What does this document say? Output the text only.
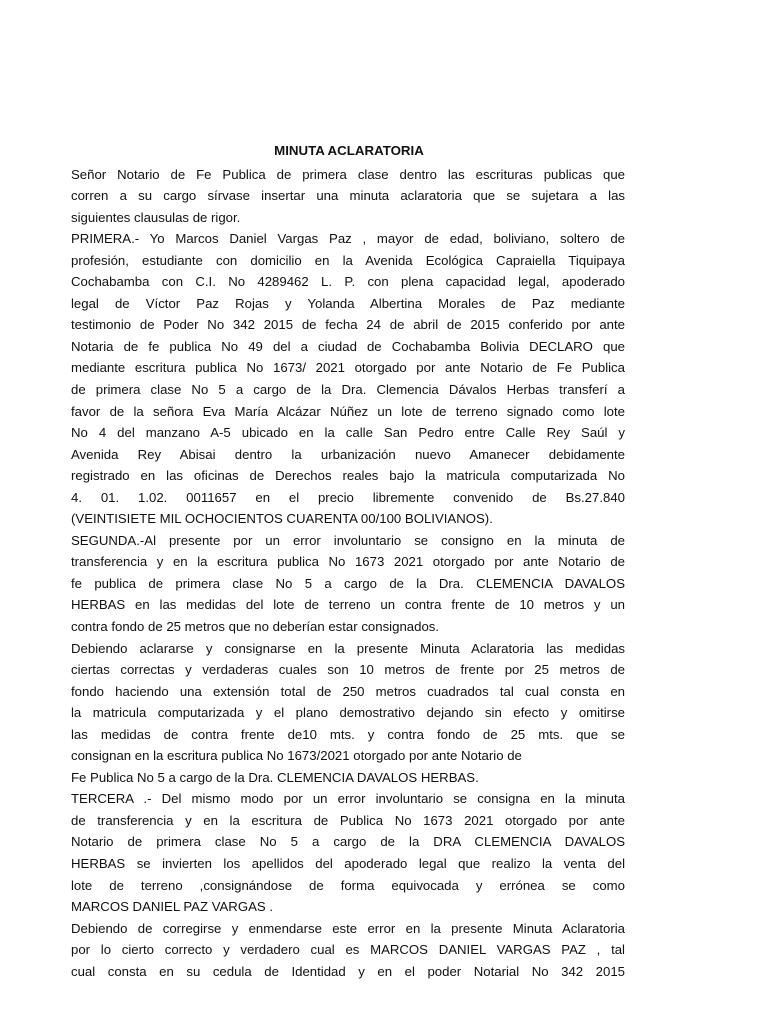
MINUTA ACLARATORIA
Señor Notario de Fe Publica de primera clase dentro las escrituras publicas que
corren a su cargo sírvase insertar una minuta aclaratoria que se sujetara a las
siguientes clausulas de rigor.
PRIMERA.- Yo Marcos Daniel Vargas Paz , mayor de edad, boliviano, soltero de
profesión, estudiante con domicilio en la Avenida Ecológica Capraiella Tiquipaya
Cochabamba con C.I. No 4289462 L. P. con plena capacidad legal, apoderado
legal de Víctor Paz Rojas y Yolanda Albertina Morales de Paz mediante
testimonio de Poder No 342 2015 de fecha 24 de abril de 2015 conferido por ante
Notaria de fe publica No 49 del a ciudad de Cochabamba Bolivia DECLARO que
mediante escritura publica No 1673/ 2021 otorgado por ante Notario de Fe Publica
de primera clase No 5 a cargo de la Dra. Clemencia Dávalos Herbas transferí a
favor de la señora Eva María Alcázar Núñez un lote de terreno signado como lote
No 4 del manzano A-5 ubicado en la calle San Pedro entre Calle Rey Saúl y
Avenida Rey Abisai dentro la urbanización nuevo Amanecer debidamente
registrado en las oficinas de Derechos reales bajo la matricula computarizada No
4. 01. 1.02. 0011657 en el precio libremente convenido de Bs.27.840
(VEINTISIETE MIL OCHOCIENTOS CUARENTA 00/100 BOLIVIANOS).
SEGUNDA.-Al presente por un error involuntario se consigno en la minuta de
transferencia y en la escritura publica No 1673 2021 otorgado por ante Notario de
fe publica de primera clase No 5 a cargo de la Dra. CLEMENCIA DAVALOS
HERBAS en las medidas del lote de terreno un contra frente de 10 metros y un
contra fondo de 25 metros que no deberían estar consignados.
Debiendo aclararse y consignarse en la presente Minuta Aclaratoria las medidas
ciertas correctas y verdaderas cuales son 10 metros de frente por 25 metros de
fondo haciendo una extensión total de 250 metros cuadrados tal cual consta en
la matricula computarizada y el plano demostrativo dejando sin efecto y omitirse
las medidas de contra frente de10 mts. y contra fondo de 25 mts. que se
consignan en la escritura publica No 1673/2021 otorgado por ante Notario de
Fe Publica No 5 a cargo de la Dra. CLEMENCIA DAVALOS HERBAS.
TERCERA .- Del mismo modo por un error involuntario se consigna en la minuta
de transferencia y en la escritura de Publica No 1673 2021 otorgado por ante
Notario de primera clase No 5 a cargo de la DRA CLEMENCIA DAVALOS
HERBAS se invierten los apellidos del apoderado legal que realizo la venta del
lote de terreno ,consignándose de forma equivocada y errónea se como
MARCOS DANIEL PAZ VARGAS .
Debiendo de corregirse y enmendarse este error en la presente Minuta Aclaratoria
por lo cierto correcto y verdadero cual es MARCOS DANIEL VARGAS PAZ , tal
cual consta en su cedula de Identidad y en el poder Notarial No 342 2015
